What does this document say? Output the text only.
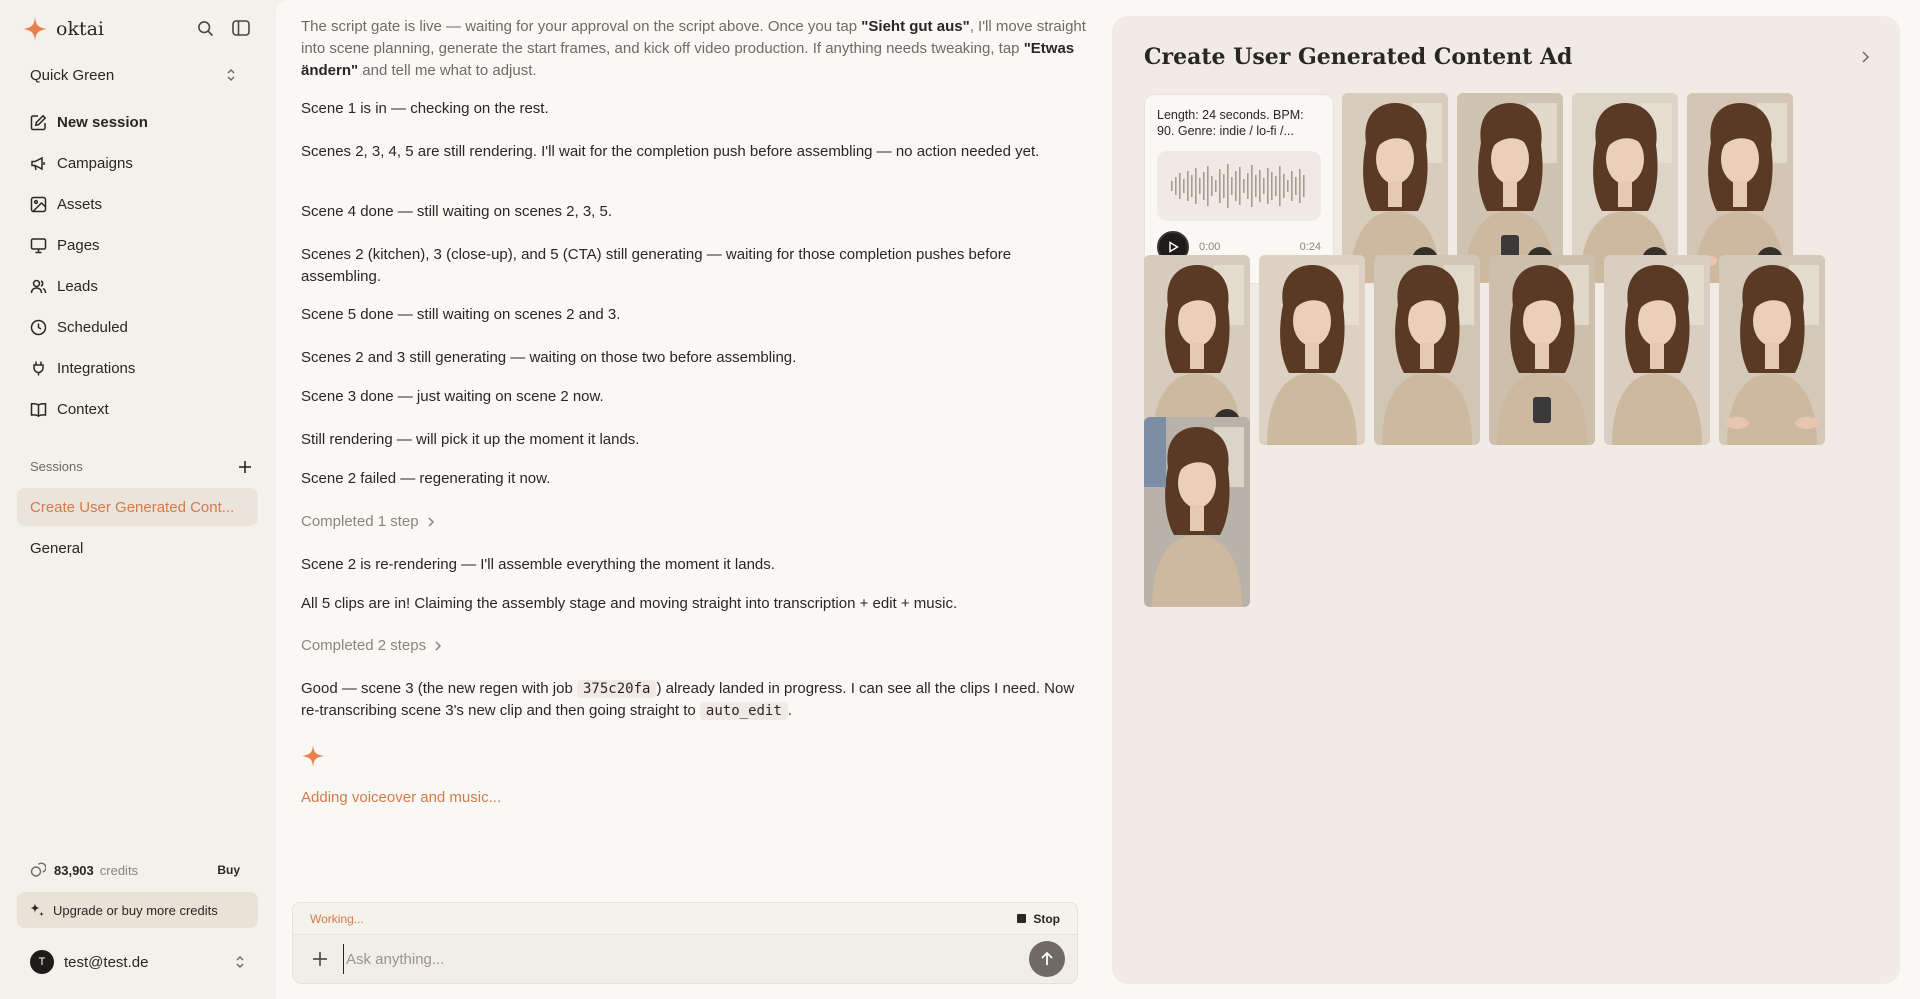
oktai
Quick Green
New session
Campaigns
Assets
Pages
Leads
Scheduled
Integrations
Context
Sessions
Create User Generated Cont...
General
83,903 credits	Buy
Upgrade or buy more credits
T	test@test.de
The script gate is live — waiting for your approval on the script above. Once you tap "Sieht gut aus", I'll move straight into scene planning, generate the start frames, and kick off video production. If anything needs tweaking, tap "Etwas ändern" and tell me what to adjust.
Scene 1 is in — checking on the rest.
Scenes 2, 3, 4, 5 are still rendering. I'll wait for the completion push before assembling — no action needed yet.
Scene 4 done — still waiting on scenes 2, 3, 5.
Scenes 2 (kitchen), 3 (close-up), and 5 (CTA) still generating — waiting for those completion pushes before assembling.
Scene 5 done — still waiting on scenes 2 and 3.
Scenes 2 and 3 still generating — waiting on those two before assembling.
Scene 3 done — just waiting on scene 2 now.
Still rendering — will pick it up the moment it lands.
Scene 2 failed — regenerating it now.
Completed 1 step
Scene 2 is re-rendering — I'll assemble everything the moment it lands.
All 5 clips are in! Claiming the assembly stage and moving straight into transcription + edit + music.
Completed 2 steps
Good — scene 3 (the new regen with job 375c20fa ) already landed in progress. I can see all the clips I need. Now re-transcribing scene 3's new clip and then going straight to auto_edit .
Adding voiceover and music...
Working...	Stop
Ask anything...
Create User Generated Content Ad
Length: 24 seconds. BPM: 90. Genre: indie / lo-fi /...
0:00	0:24
